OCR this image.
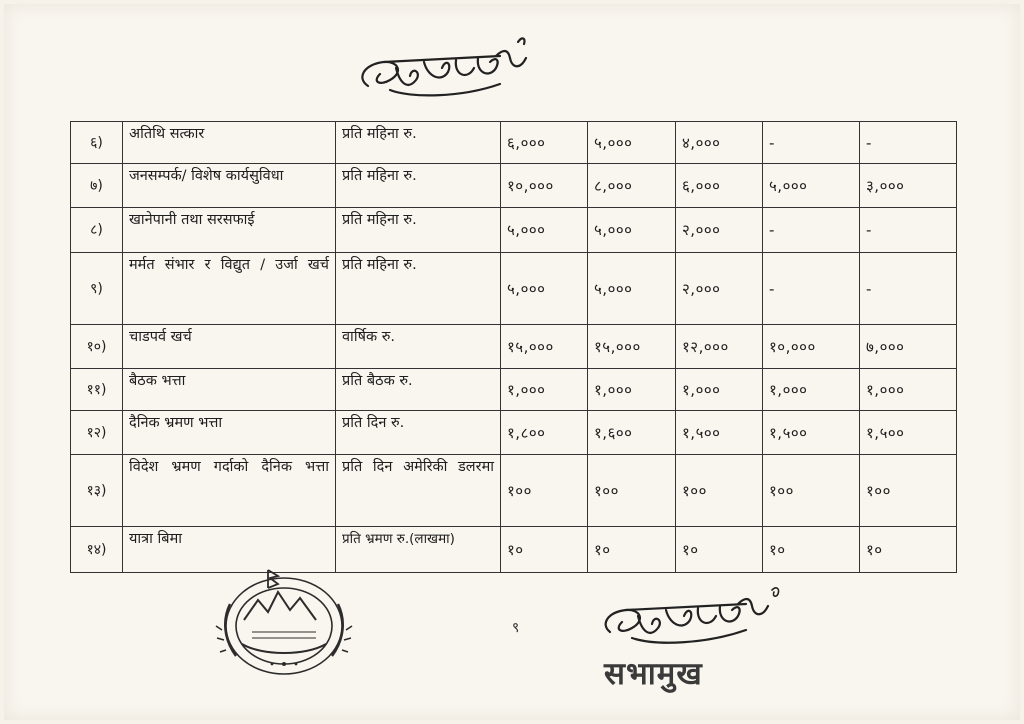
६)	अतिथि सत्कार	प्रति महिना रु.	६,०००	५,०००	४,०००	-	-
७)	जनसम्पर्क/ विशेष कार्यसुविधा	प्रति महिना रु.	१०,०००	८,०००	६,०००	५,०००	३,०००
८)	खानेपानी तथा सरसफाई	प्रति महिना रु.	५,०००	५,०००	२,०००	-	-
९)	मर्मत संभार र विद्युत / उर्जा खर्च	प्रति महिना रु.	५,०००	५,०००	२,०००	-	-
१०)	चाडपर्व खर्च	वार्षिक रु.	१५,०००	१५,०००	१२,०००	१०,०००	७,०००
११)	बैठक भत्ता	प्रति बैठक रु.	१,०००	१,०००	१,०००	१,०००	१,०००
१२)	दैनिक भ्रमण भत्ता	प्रति दिन रु.	१,८००	१,६००	१,५००	१,५००	१,५००
१३)	विदेश भ्रमण गर्दाको दैनिक भत्ता	प्रति दिन अमेरिकी डलरमा	१००	१००	१००	१००	१००
१४)	यात्रा बिमा	प्रति भ्रमण रु.(लाखमा)	१०	१०	१०	१०	१०
९
सभामुख
